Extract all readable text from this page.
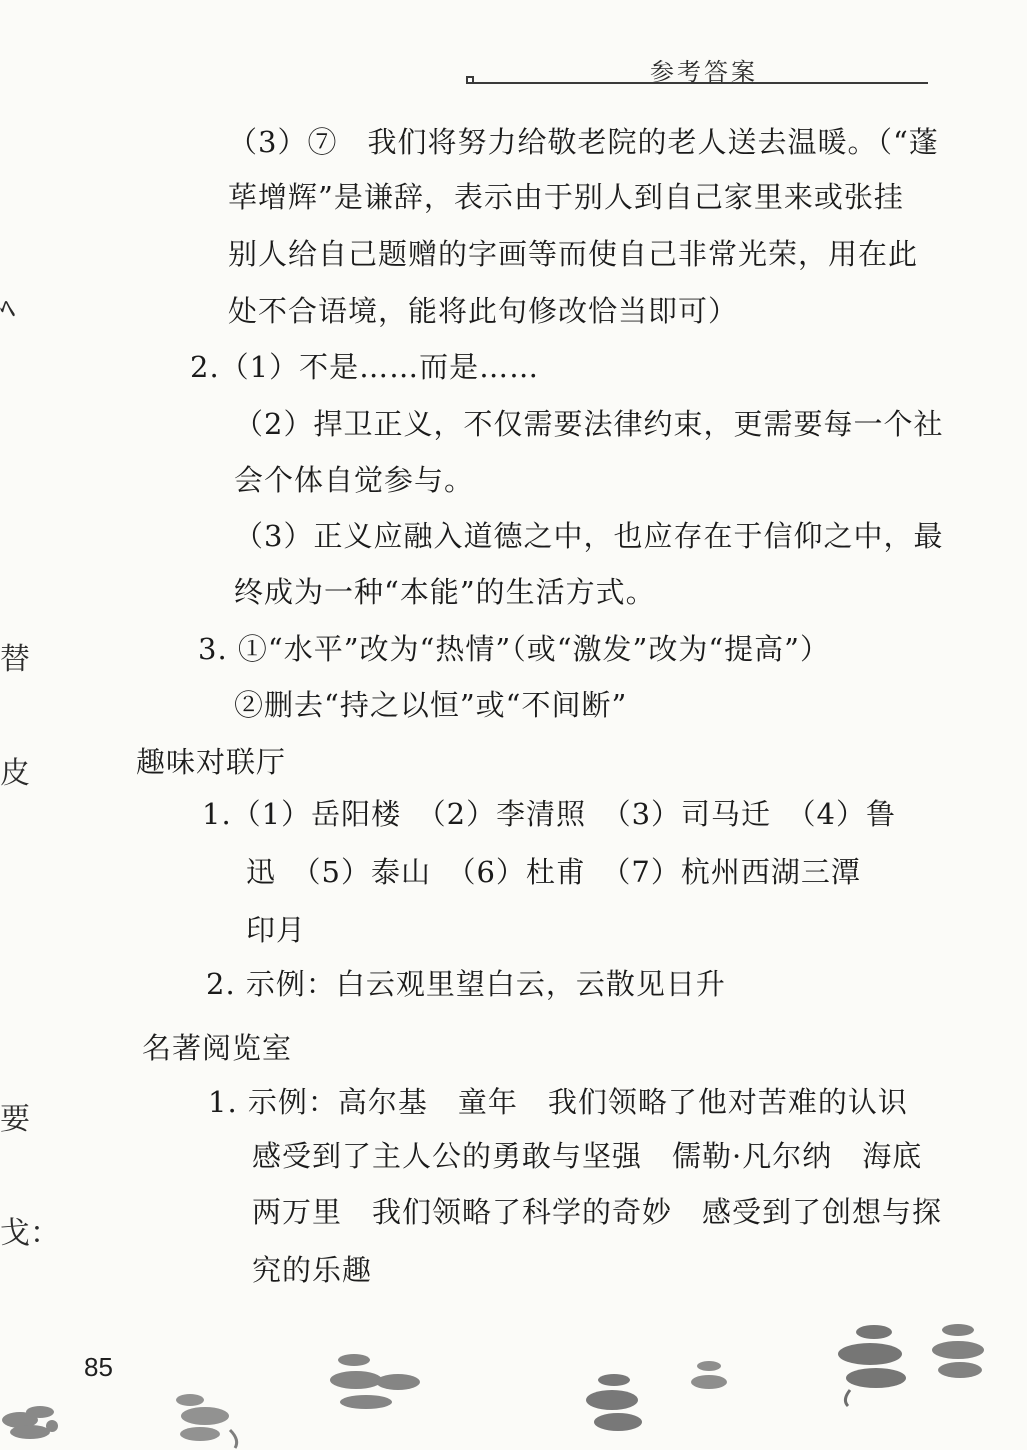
参考答案
ﾍ
替
皮
要
戈：
（3）⑦　我们将努力给敬老院的老人送去温暖。（“蓬
荜增辉”是谦辞，表示由于别人到自己家里来或张挂
别人给自己题赠的字画等而使自己非常光荣，用在此
处不合语境，能将此句修改恰当即可）
2.（1）不是……而是……
（2）捍卫正义，不仅需要法律约束，更需要每一个社
会个体自觉参与。
（3）正义应融入道德之中，也应存在于信仰之中，最
终成为一种“本能”的生活方式。
3. ①“水平”改为“热情”（或“激发”改为“提高”）
②删去“持之以恒”或“不间断”
趣味对联厅
1.（1）岳阳楼　（2）李清照　（3）司马迁　（4）鲁
迅　（5）泰山　（6）杜甫　（7）杭州西湖三潭
印月
2. 示例：白云观里望白云，云散见日升
名著阅览室
1. 示例：高尔基　童年　我们领略了他对苦难的认识
感受到了主人公的勇敢与坚强　儒勒·凡尔纳　海底
两万里　我们领略了科学的奇妙　感受到了创想与探
究的乐趣
85
